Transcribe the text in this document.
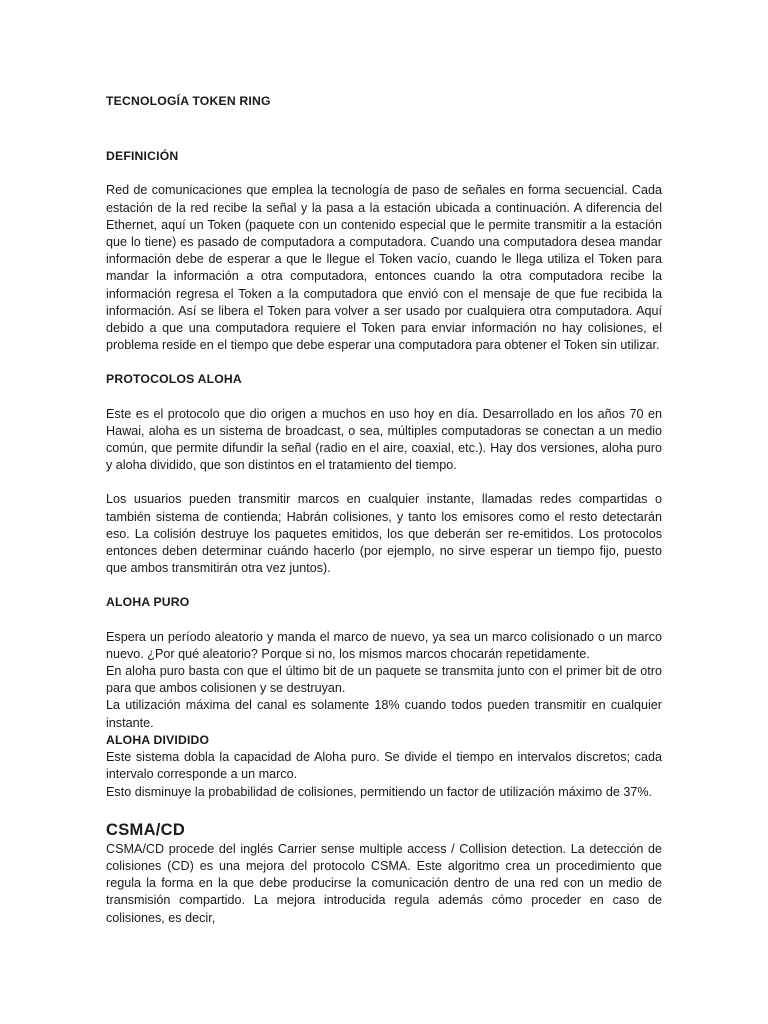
TECNOLOGÍA TOKEN RING
DEFINICIÓN

Red de comunicaciones que emplea la tecnología de paso de señales en forma secuencial. Cada estación de la red recibe la señal y la pasa a la estación ubicada a continuación. A diferencia del Ethernet, aquí un Token (paquete con un contenido especial que le permite transmitir a la estación que lo tiene) es pasado de computadora a computadora. Cuando una computadora desea mandar información debe de esperar a que le llegue el Token vacío, cuando le llega utiliza el Token para mandar la información a otra computadora, entonces cuando la otra computadora recibe la información regresa el Token a la computadora que envió con el mensaje de que fue recibida la información. Así se libera el Token para volver a ser usado por cualquiera otra computadora. Aquí debido a que una computadora requiere el Token para enviar información no hay colisiones, el problema reside en el tiempo que debe esperar una computadora para obtener el Token sin utilizar.

PROTOCOLOS ALOHA

Este es el protocolo que dio origen a muchos en uso hoy en día. Desarrollado en los años 70 en Hawai, aloha es un sistema de broadcast, o sea, múltiples computadoras se conectan a un medio común, que permite difundir la señal (radio en el aire, coaxial, etc.). Hay dos versiones, aloha puro y aloha dividido, que son distintos en el tratamiento del tiempo.

Los usuarios pueden transmitir marcos en cualquier instante, llamadas redes compartidas o también sistema de contienda; Habrán colisiones, y tanto los emisores como el resto detectarán eso. La colisión destruye los paquetes emitidos, los que deberán ser re-emitidos. Los protocolos entonces deben determinar cuándo hacerlo (por ejemplo, no sirve esperar un tiempo fijo, puesto que ambos transmitirán otra vez juntos).

ALOHA PURO

Espera un período aleatorio y manda el marco de nuevo, ya sea un marco colisionado o un marco nuevo. ¿Por qué aleatorio? Porque si no, los mismos marcos chocarán repetidamente.

En aloha puro basta con que el último bit de un paquete se transmita junto con el primer bit de otro para que ambos colisionen y se destruyan.

La utilización máxima del canal es solamente 18% cuando todos pueden transmitir en cualquier instante.

ALOHA DIVIDIDO

Este sistema dobla la capacidad de Aloha puro. Se divide el tiempo en intervalos discretos; cada intervalo corresponde a un marco.

Esto disminuye la probabilidad de colisiones, permitiendo un factor de utilización máximo de 37%.

CSMA/CD

CSMA/CD procede del inglés Carrier sense multiple access / Collision detection. La detección de colisiones (CD) es una mejora del protocolo CSMA. Este algoritmo crea un procedimiento que regula la forma en la que debe producirse la comunicación dentro de una red con un medio de transmisión compartido. La mejora introducida regula además cómo proceder en caso de colisiones, es decir,
